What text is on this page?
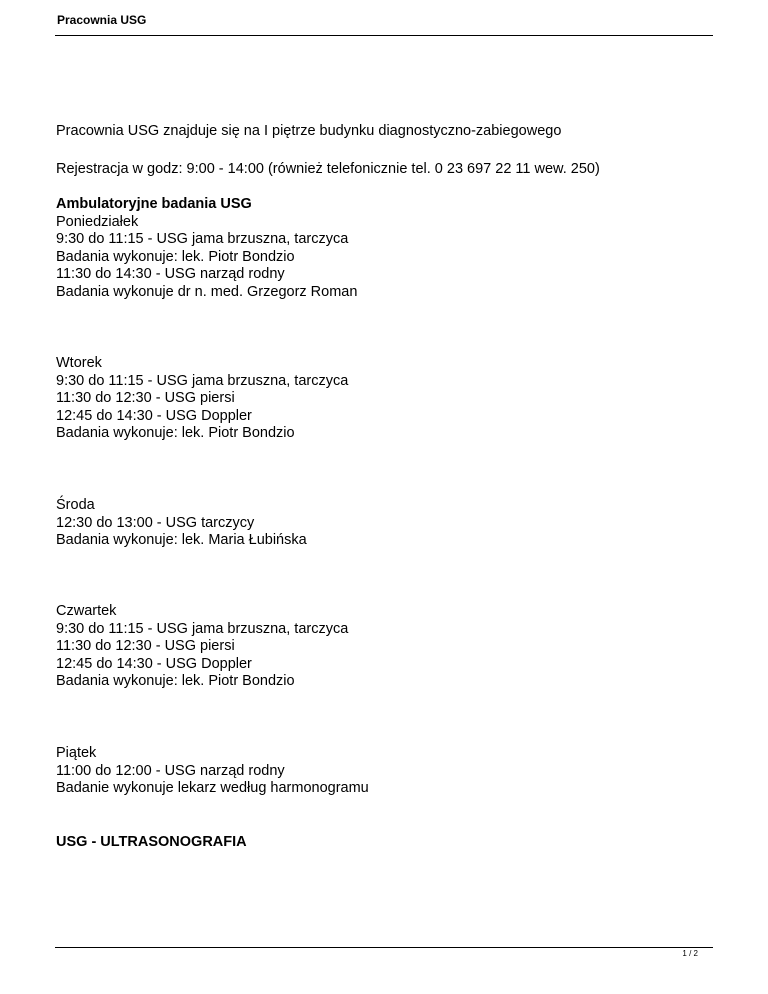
Pracownia USG
Pracownia USG znajduje się na I piętrze budynku diagnostyczno-zabiegowego
Rejestracja w godz: 9:00 - 14:00 (również telefonicznie tel. 0 23 697 22 11 wew. 250)
Ambulatoryjne badania USG
Poniedziałek
9:30 do 11:15 - USG jama brzuszna, tarczyca
Badania wykonuje: lek. Piotr Bondzio
11:30 do 14:30 - USG narząd rodny
Badania wykonuje dr n. med. Grzegorz Roman
Wtorek
9:30 do 11:15 - USG jama brzuszna, tarczyca
11:30 do 12:30 - USG piersi
12:45 do 14:30 - USG Doppler
Badania wykonuje: lek. Piotr Bondzio
Środa
12:30 do 13:00 - USG tarczycy
Badania wykonuje: lek. Maria Łubińska
Czwartek
9:30 do 11:15 - USG jama brzuszna, tarczyca
11:30 do 12:30 - USG piersi
12:45 do 14:30 - USG Doppler
Badania wykonuje: lek. Piotr Bondzio
Piątek
11:00 do 12:00 - USG narząd rodny
Badanie wykonuje lekarz według harmonogramu
USG - ULTRASONOGRAFIA
1 / 2
